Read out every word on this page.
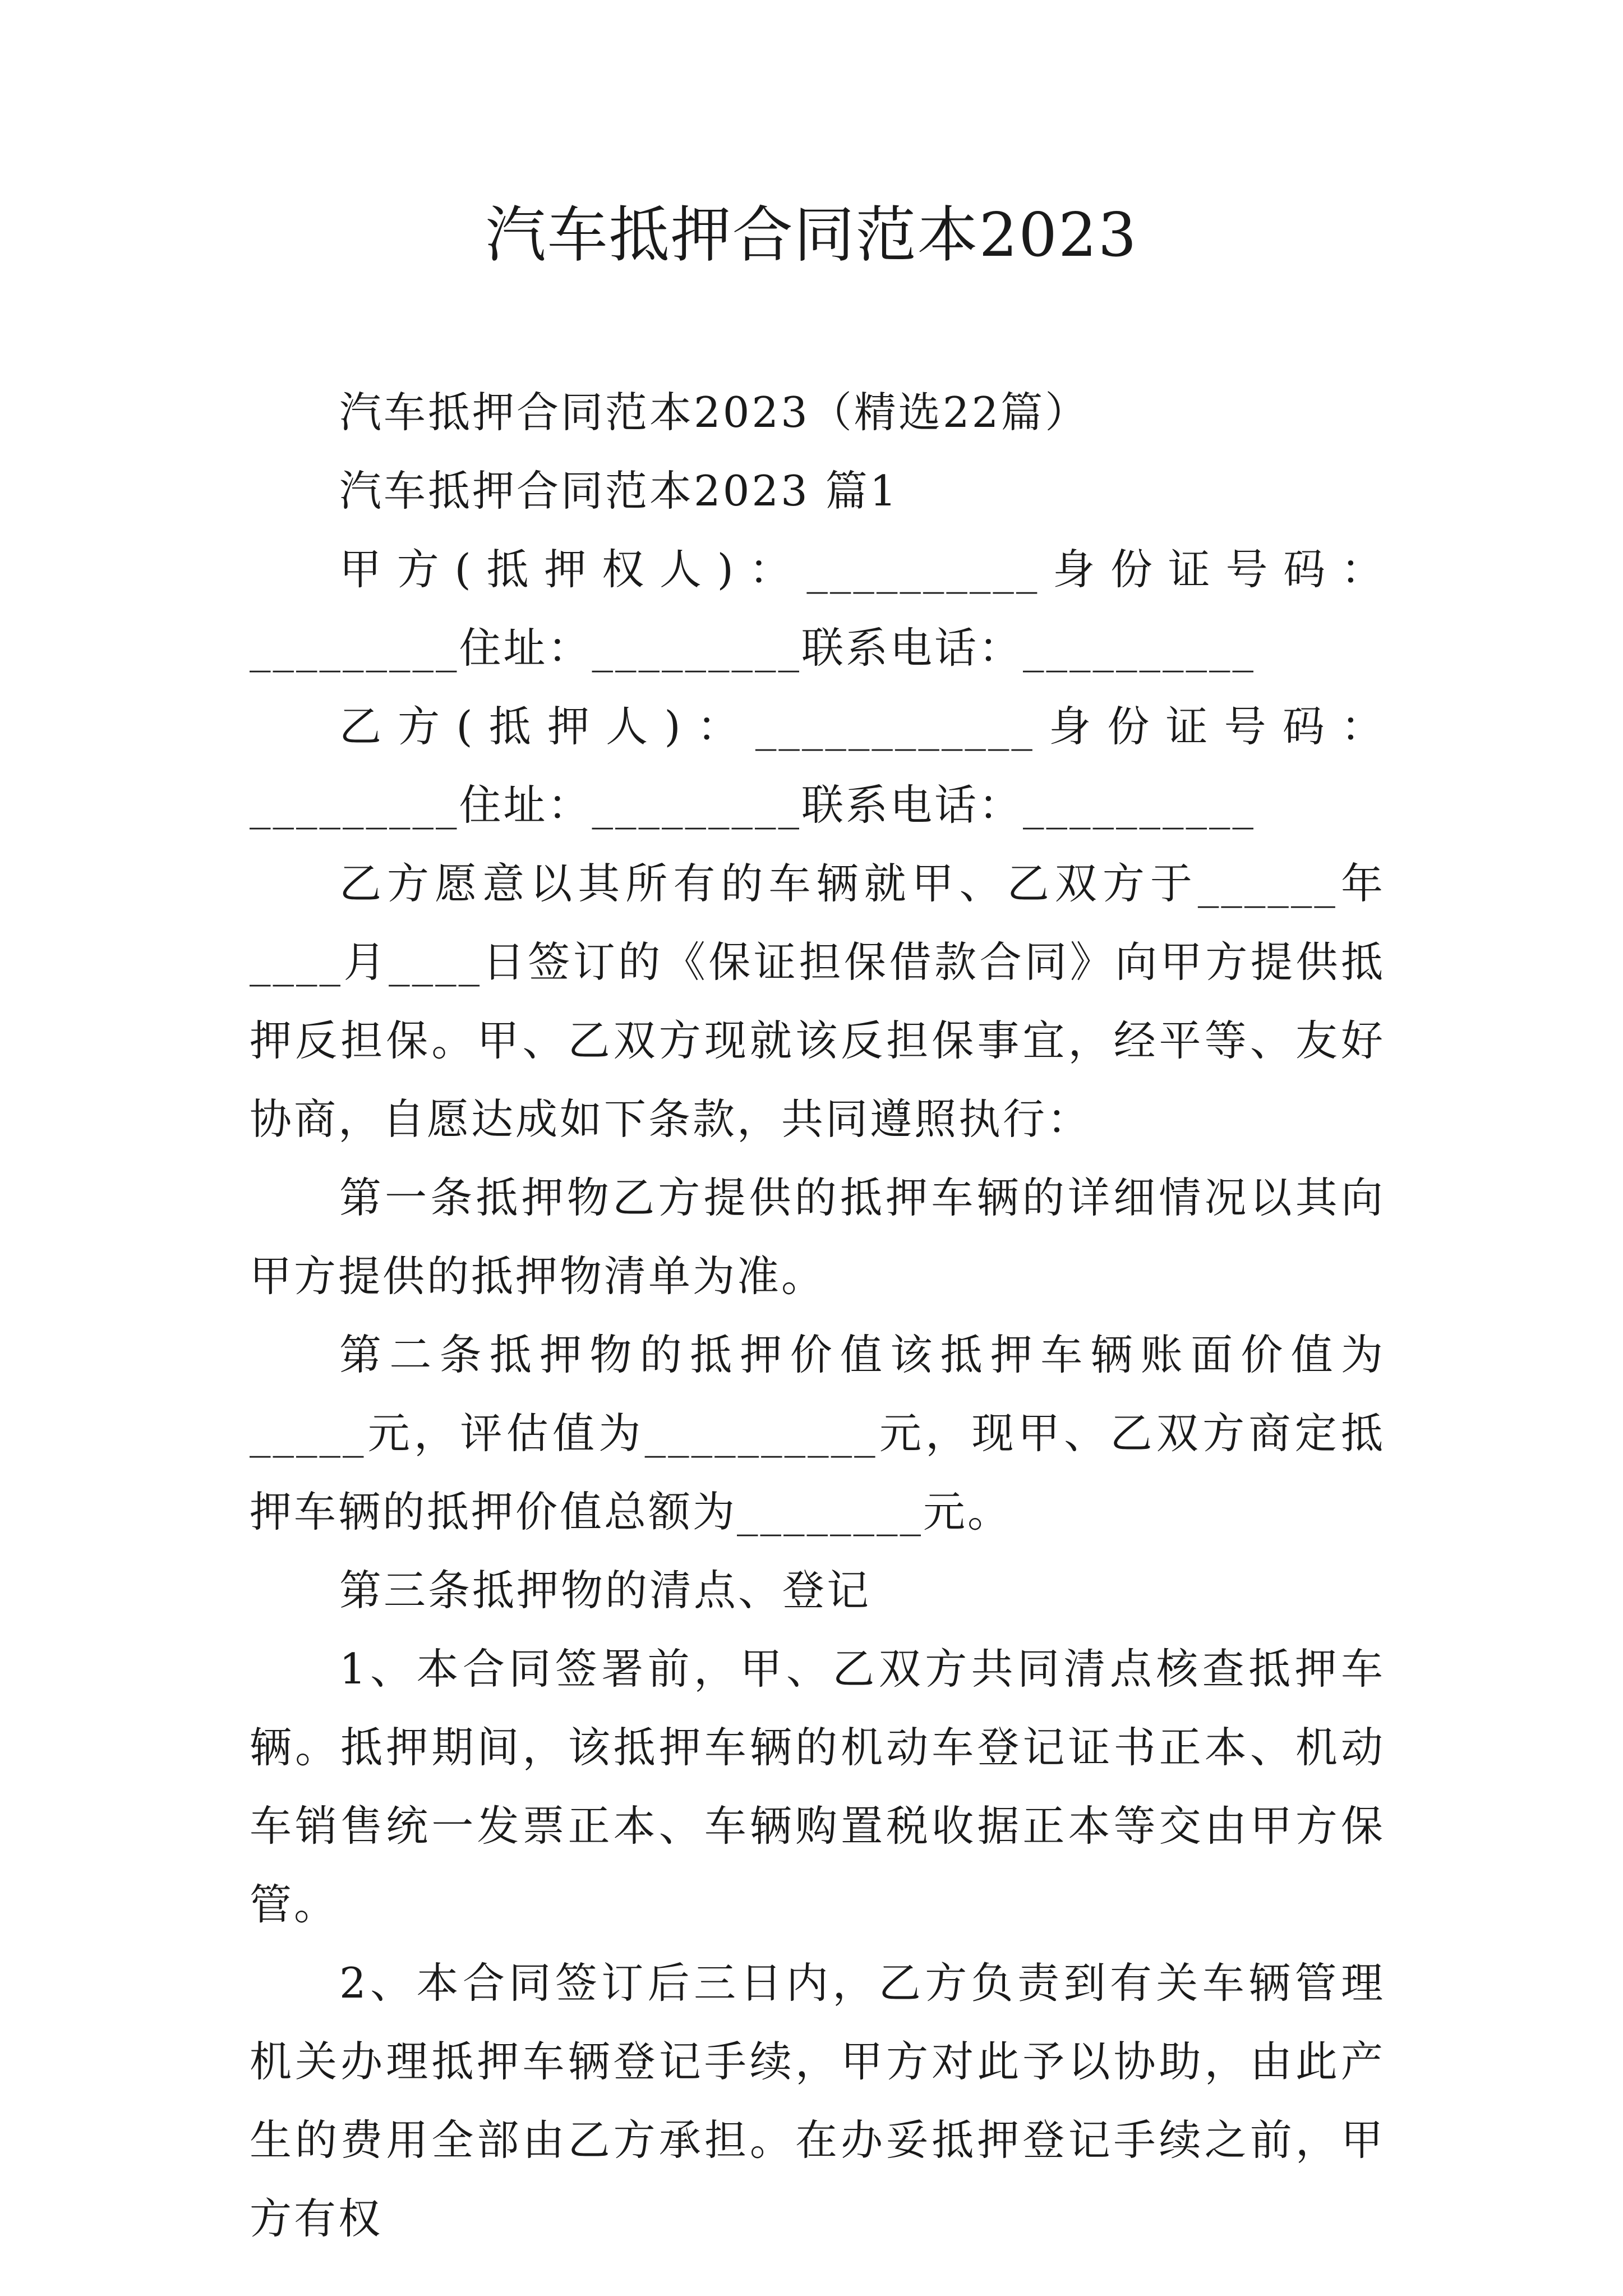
汽车抵押合同范本2023

汽车抵押合同范本2023（精选22篇）

汽车抵押合同范本2023 篇1

甲方(抵押权人)：__________身份证号码：_________住址：_________联系电话：__________

乙方(抵押人)：____________身份证号码：_________住址：_________联系电话：__________

乙方愿意以其所有的车辆就甲、乙双方于______年____月____日签订的《保证担保借款合同》向甲方提供抵押反担保。甲、乙双方现就该反担保事宜，经平等、友好协商，自愿达成如下条款，共同遵照执行：

第一条抵押物乙方提供的抵押车辆的详细情况以其向甲方提供的抵押物清单为准。

第二条抵押物的抵押价值该抵押车辆账面价值为_____元，评估值为__________元，现甲、乙双方商定抵押车辆的抵押价值总额为________元。

第三条抵押物的清点、登记

1、本合同签署前，甲、乙双方共同清点核查抵押车辆。抵押期间，该抵押车辆的机动车登记证书正本、机动车销售统一发票正本、车辆购置税收据正本等交由甲方保管。

2、本合同签订后三日内，乙方负责到有关车辆管理机关办理抵押车辆登记手续，甲方对此予以协助，由此产生的费用全部由乙方承担。在办妥抵押登记手续之前，甲方有权
